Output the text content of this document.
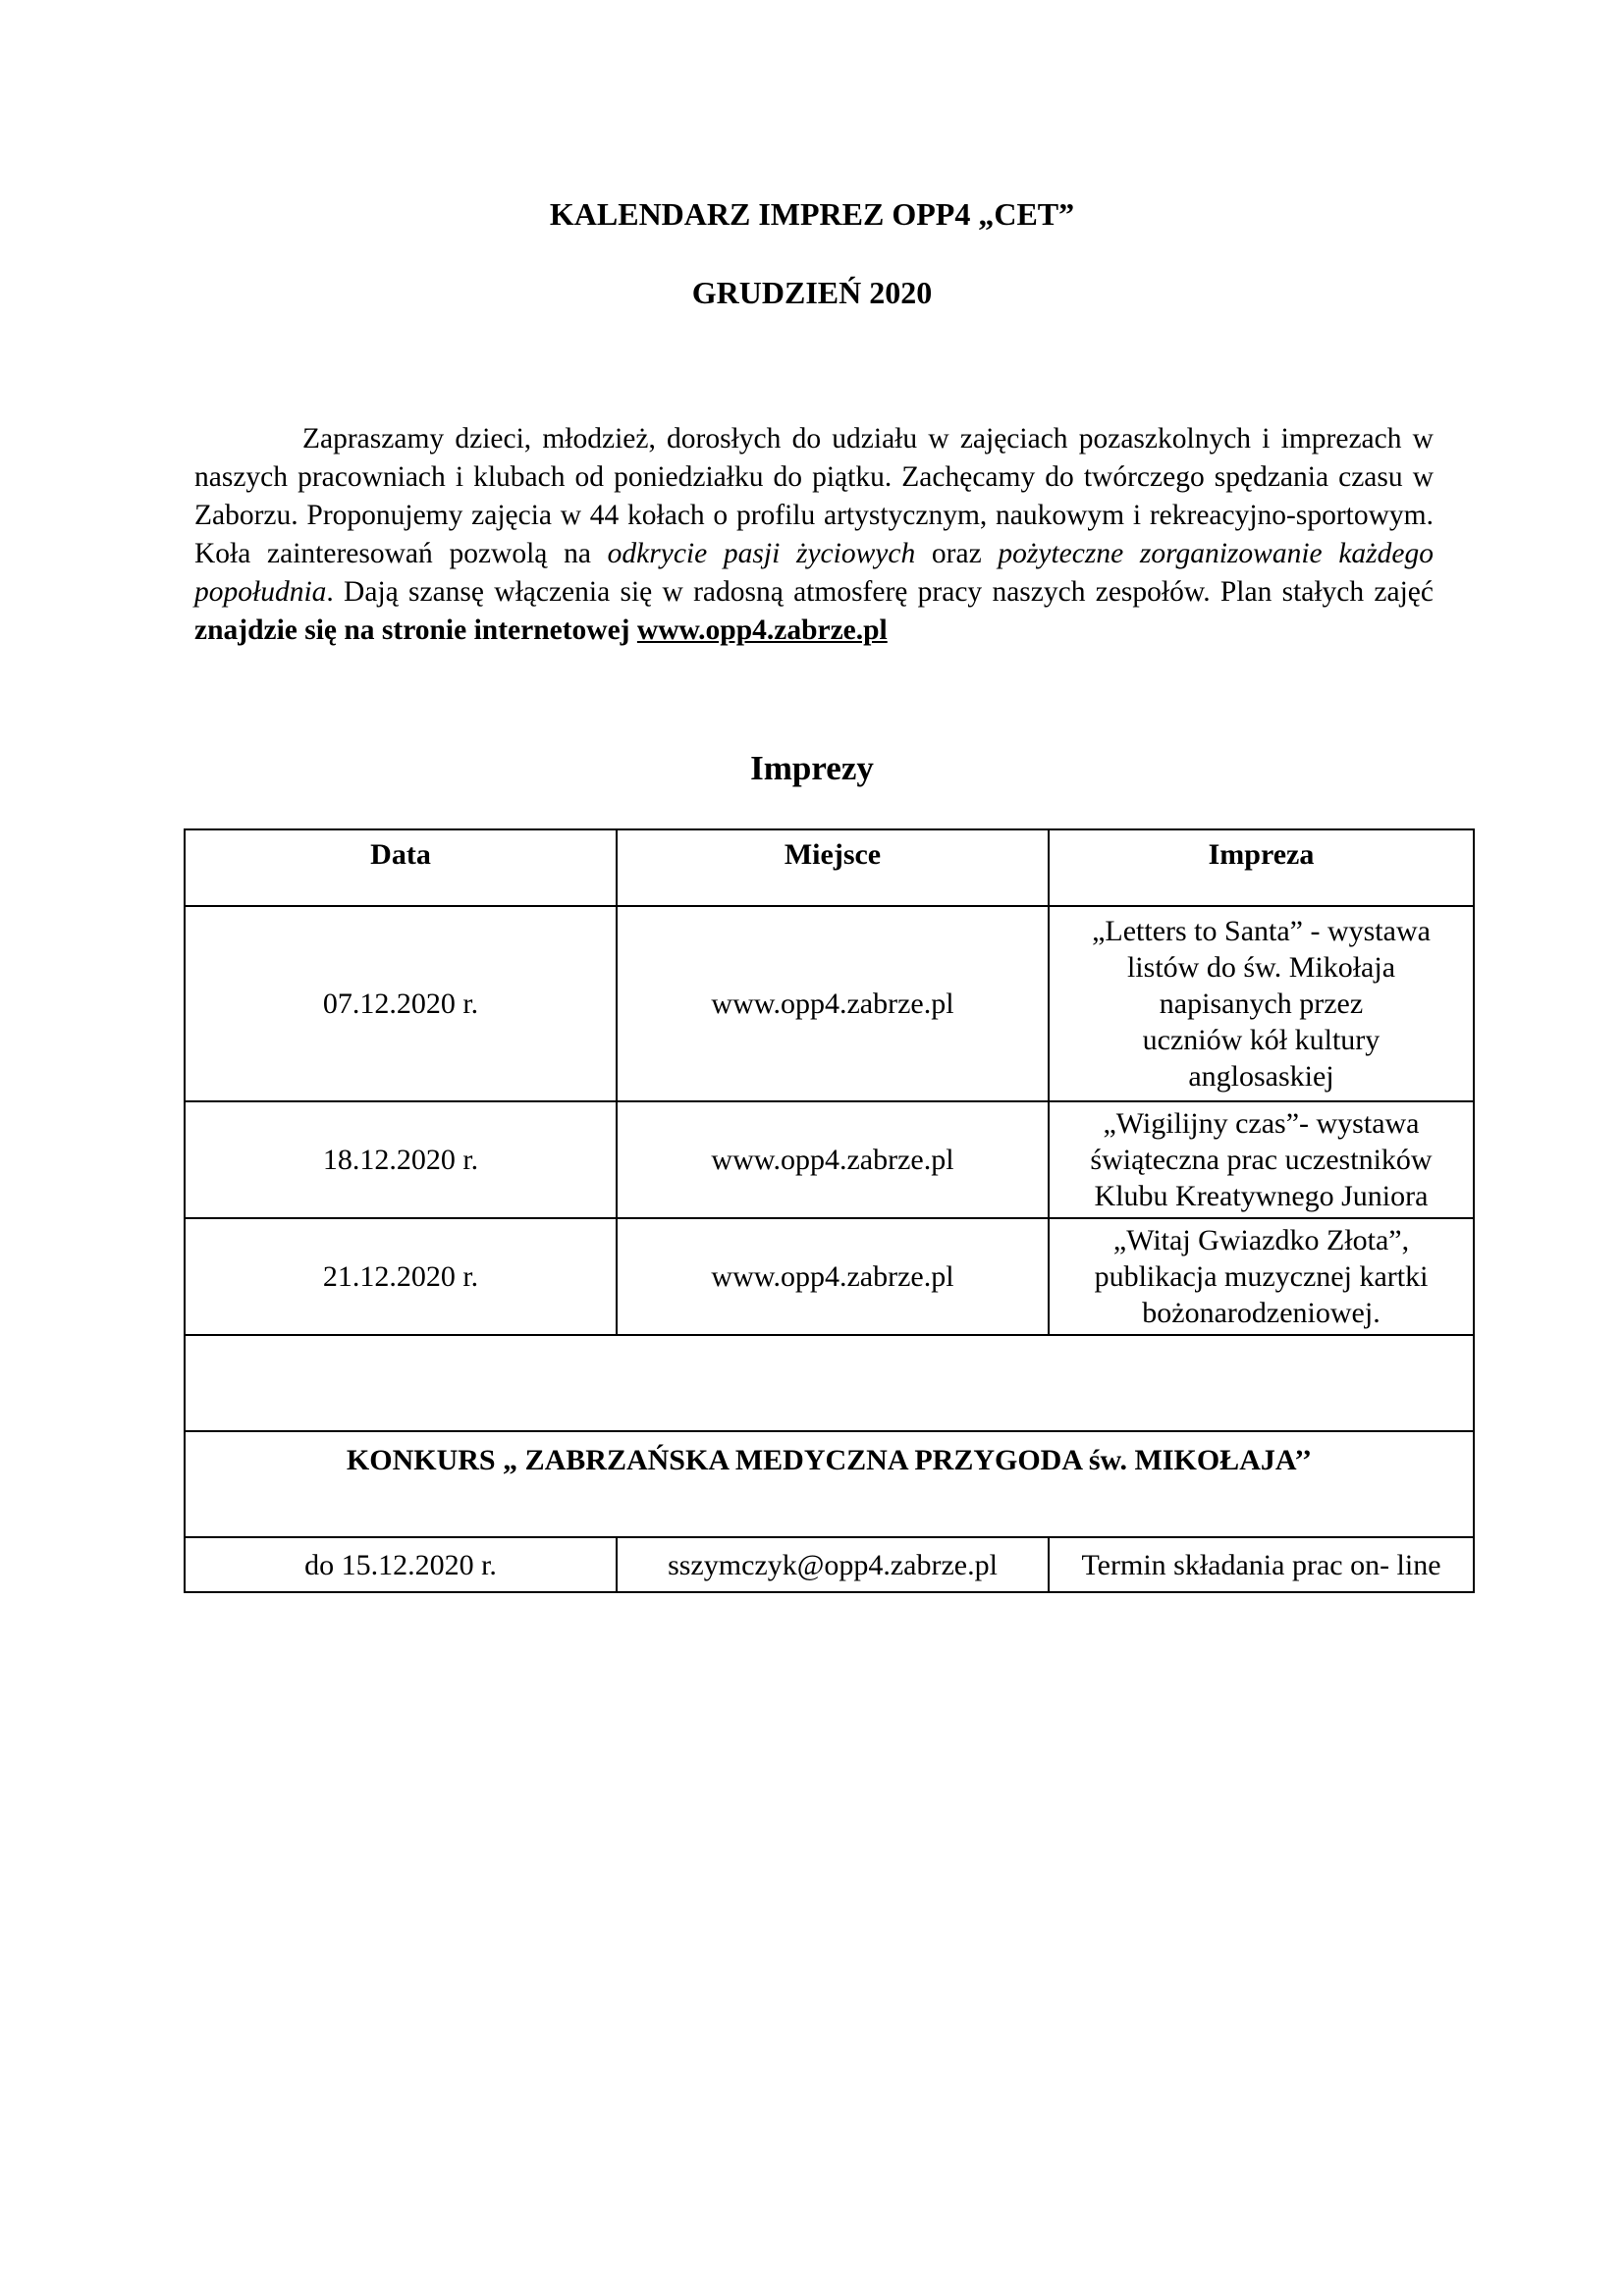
KALENDARZ IMPREZ OPP4 „CET”
GRUDZIEŃ 2020

Zapraszamy dzieci, młodzież, dorosłych do udziału w zajęciach pozaszkolnych i imprezach w naszych pracowniach i klubach od poniedziałku do piątku. Zachęcamy do twórczego spędzania czasu w Zaborzu. Proponujemy zajęcia w 44 kołach o profilu artystycznym, naukowym i rekreacyjno-sportowym. Koła zainteresowań pozwolą na odkrycie pasji życiowych oraz pożyteczne zorganizowanie każdego popołudnia. Dają szansę włączenia się w radosną atmosferę pracy naszych zespołów. Plan stałych zajęć znajdzie się na stronie internetowej www.opp4.zabrze.pl

Imprezy
Data	Miejsce	Impreza
07.12.2020 r.	www.opp4.zabrze.pl	„Letters to Santa” - wystawa
listów do św. Mikołaja
napisanych przez
uczniów kół kultury
anglosaskiej

18.12.2020 r.	www.opp4.zabrze.pl	„Wigilijny czas”- wystawa
świąteczna prac uczestników
Klubu Kreatywnego Juniora

21.12.2020 r.	www.opp4.zabrze.pl	„Witaj Gwiazdko Złota”,
publikacja muzycznej kartki
bożonarodzeniowej.

KONKURS „ ZABRZAŃSKA MEDYCZNA PRZYGODA św. MIKOŁAJA’’		
do 15.12.2020 r.	sszymczyk@opp4.zabrze.pl	Termin składania prac on- line
